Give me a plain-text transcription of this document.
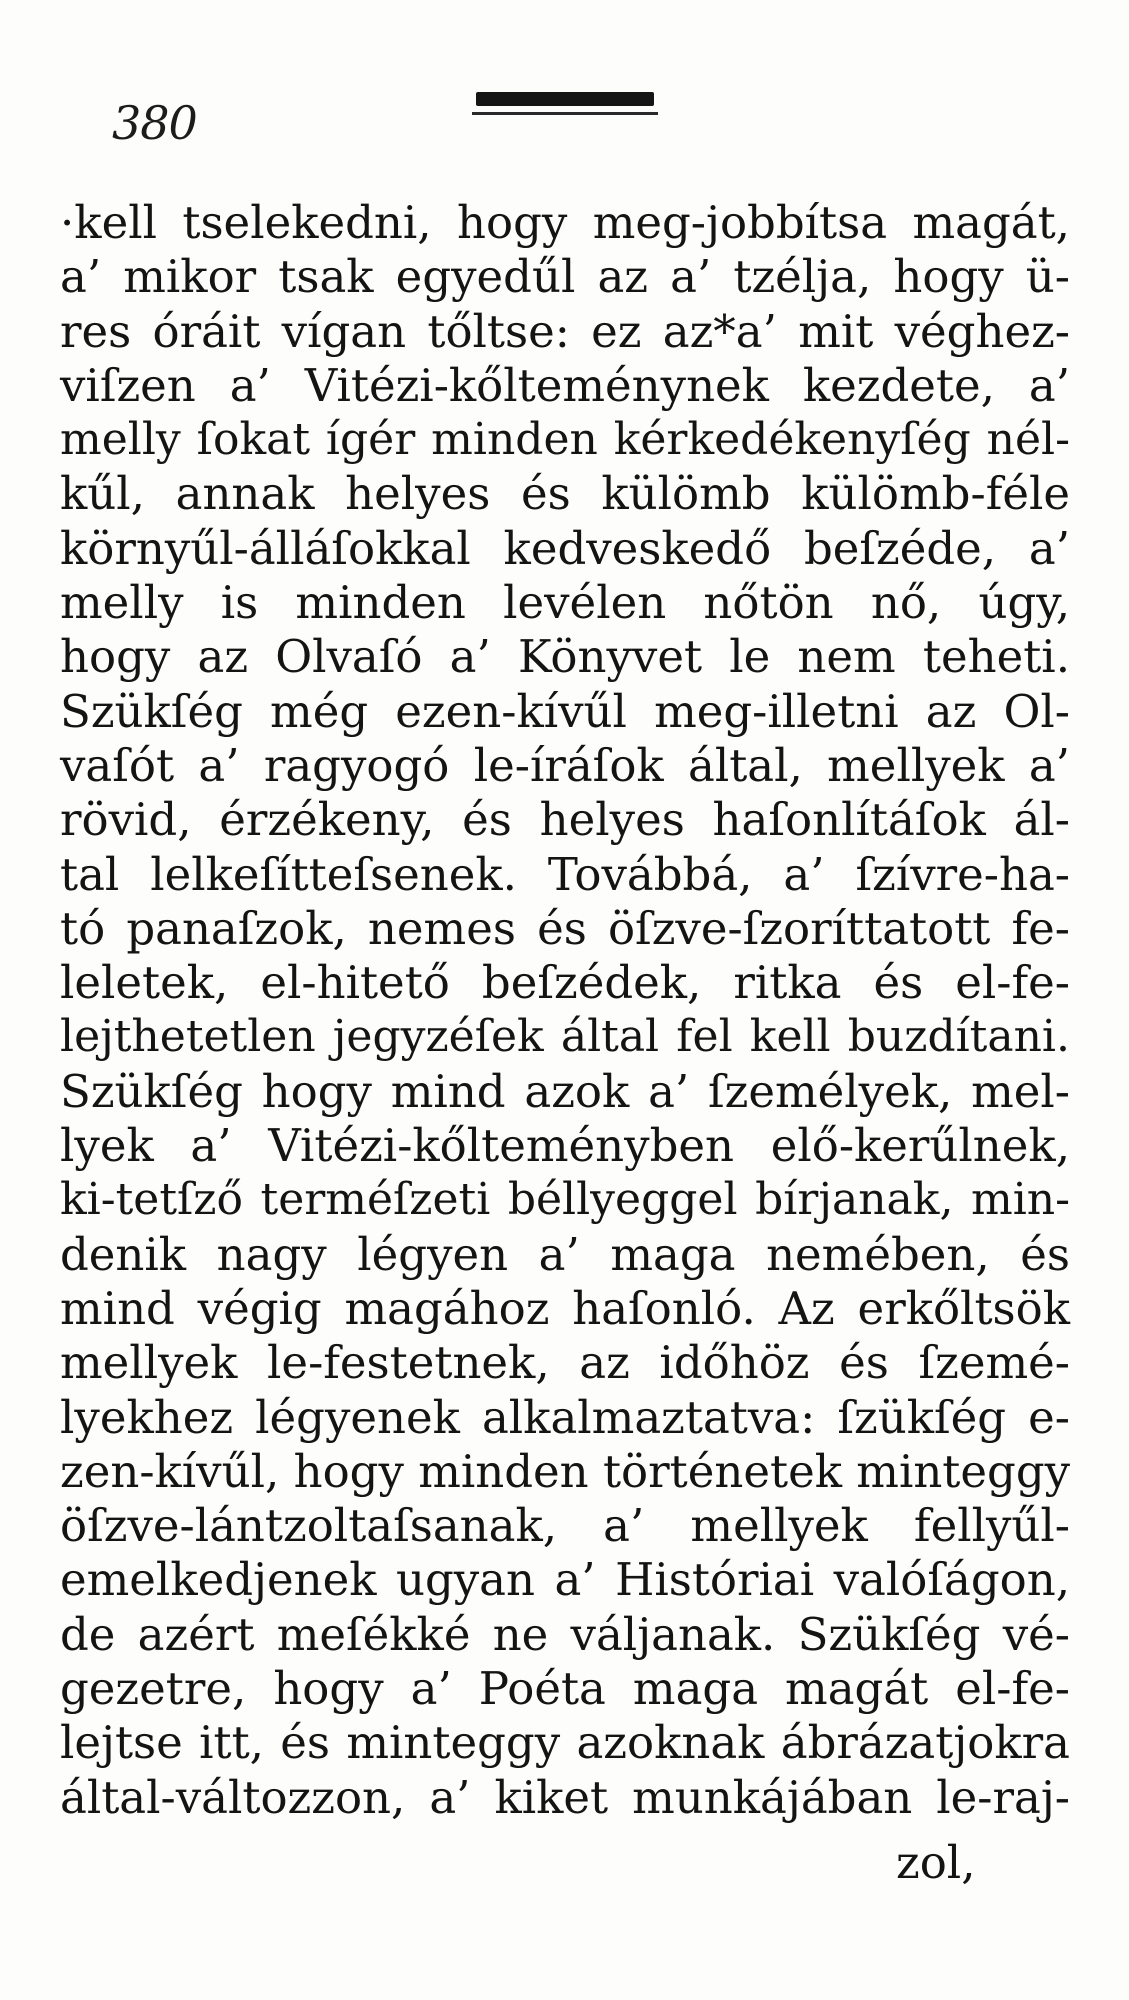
380
·kell tselekedni, hogy meg-jobbítsa magát,
a’ mikor tsak egyedűl az a’ tzélja, hogy ü-
res óráit vígan tőltse: ez az*a’ mit véghez-
viſzen a’ Vitézi-kőlteménynek kezdete, a’
melly ſokat ígér minden kérkedékenyſég nél-
kűl, annak helyes és külömb külömb-féle
környűl-álláſokkal kedveskedő beſzéde, a’
melly is minden levélen nőtön nő, úgy,
hogy az Olvaſó a’ Könyvet le nem teheti.
Szükſég még ezen-kívűl meg-illetni az Ol-
vaſót a’ ragyogó le-íráſok által, mellyek a’
rövid, érzékeny, és helyes haſonlítáſok ál-
tal lelkeſítteſsenek. Továbbá, a’ ſzívre-ha-
tó panaſzok, nemes és öſzve-ſzoríttatott fe-
leletek, el-hitető beſzédek, ritka és el-fe-
lejthetetlen jegyzéſek által fel kell buzdítani.
Szükſég hogy mind azok a’ ſzemélyek, mel-
lyek a’ Vitézi-kőlteményben elő-kerűlnek,
ki-tetſző terméſzeti béllyeggel bírjanak, min-
denik nagy légyen a’ maga nemében, és
mind végig magához haſonló. Az erkőltsök
mellyek le-festetnek, az időhöz és ſzemé-
lyekhez légyenek alkalmaztatva: ſzükſég e-
zen-kívűl, hogy minden történetek minteggy
öſzve-lántzoltaſsanak, a’ mellyek fellyűl-
emelkedjenek ugyan a’ Históriai valóſágon,
de azért meſékké ne váljanak. Szükſég vé-
gezetre, hogy a’ Poéta maga magát el-fe-
lejtse itt, és minteggy azoknak ábrázatjokra
által-változzon, a’ kiket munkájában le-raj-
zol,
